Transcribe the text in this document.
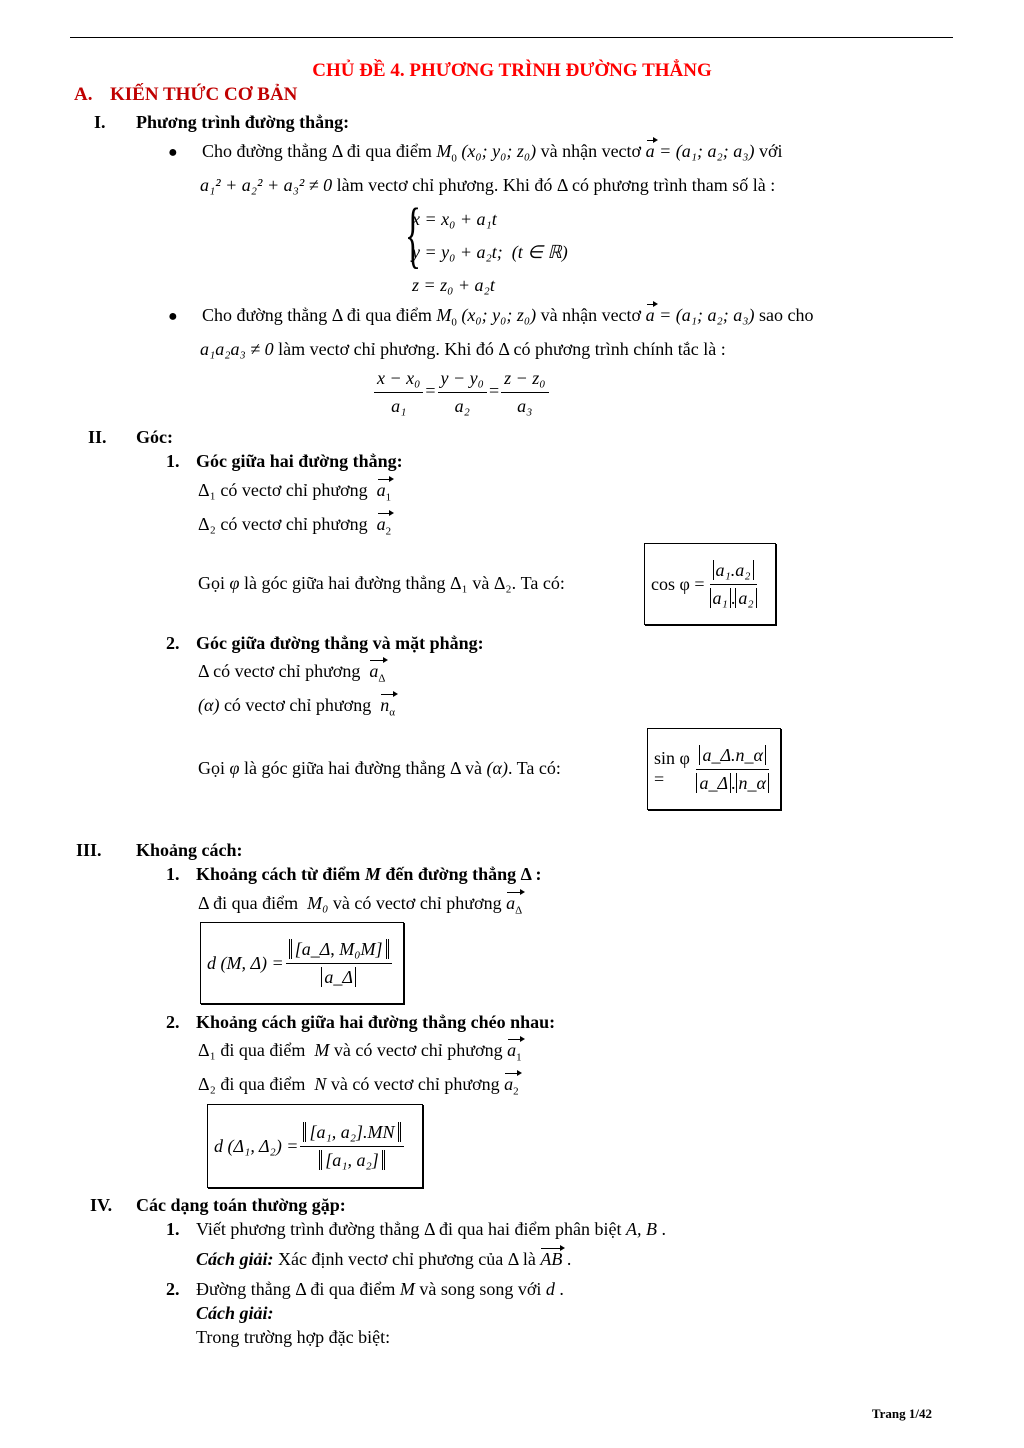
CHỦ ĐỀ 4. PHƯƠNG TRÌNH ĐƯỜNG THẲNG
A. KIẾN THỨC CƠ BẢN
I. Phương trình đường thẳng:
● Cho đường thẳng Δ đi qua điểm $M_0$ (x₀; y₀; z₀) và nhận vectơ a = (a₁; a₂; a₃) với
a₁² + a₂² + a₃² ≠ 0 làm vectơ chỉ phương. Khi đó Δ có phương trình tham số là :
{
x = x₀ + a₁t
y = y₀ + a₂t; (t ∈ ℝ)
z = z₀ + a₂t
● Cho đường thẳng Δ đi qua điểm $M_0$ (x₀; y₀; z₀) và nhận vectơ a = (a₁; a₂; a₃) sao cho
a₁a₂a₃ ≠ 0 làm vectơ chỉ phương. Khi đó Δ có phương trình chính tắc là :
$\frac{\text{x − x₀}}{\text{a₁}} = \frac{\text{y − y₀}}{\text{a₂}} = \frac{\text{z − z₀}}{\text{a₃}}$
II. Góc:
1. Góc giữa hai đường thẳng:
Δ₁ có vectơ chỉ phương $a_1$
Δ₂ có vectơ chỉ phương $a_2$
Gọi φ là góc giữa hai đường thẳng Δ₁ và Δ₂. Ta có:	$\cos \varphi = \frac{\text{a₁.a₂}}{\text{a₁ . a₂}}$
2. Góc giữa đường thẳng và mặt phẳng:
Δ có vectơ chỉ phương $a_\Delta$
(α) có vectơ chỉ phương $n_\alpha$
Gọi φ là góc giữa hai đường thẳng Δ và (α). Ta có:	sin φ =	$\frac{a\_\Delta.n\_\alpha}{a\_\Delta . n\_\alpha}$
III. Khoảng cách:
1. Khoảng cách từ điểm M đến đường thẳng Δ :
Δ đi qua điểm M₀ và có vectơ chỉ phương $a_\Delta$
d (M, $\Delta) = \frac{\text{[a\_Δ, M₀M]}}{a\_\Delta}$
2. Khoảng cách giữa hai đường thẳng chéo nhau:
Δ₁ đi qua điểm M và có vectơ chỉ phương $a_1$
Δ₂ đi qua điểm N và có vectơ chỉ phương $a_2$
d (Δ₁, $\Delta_2) = \frac{\text{[a₁, a₂].MN}}{\text{[a₁, a₂]}}$
IV. Các dạng toán thường gặp:
1. Viết phương trình đường thẳng Δ đi qua hai điểm phân biệt A, B .
Cách giải: Xác định vectơ chỉ phương của Δ là AB .
2. Đường thẳng Δ đi qua điểm M và song song với d .
Cách giải:
Trong trường hợp đặc biệt:
Trang 1/42
